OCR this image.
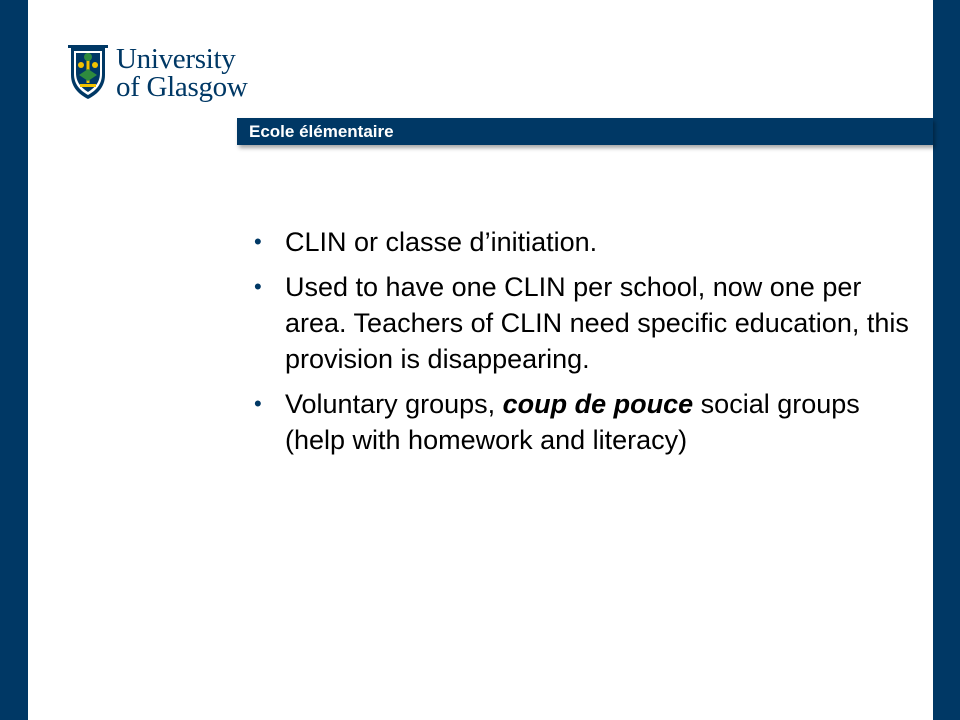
University
of Glasgow
Ecole élémentaire
• CLIN or classe d’initiation.
• Used to have one CLIN per school, now one per area. Teachers of CLIN need specific education, this provision is disappearing.
• Voluntary groups, coup de pouce social groups (help with homework and literacy)
